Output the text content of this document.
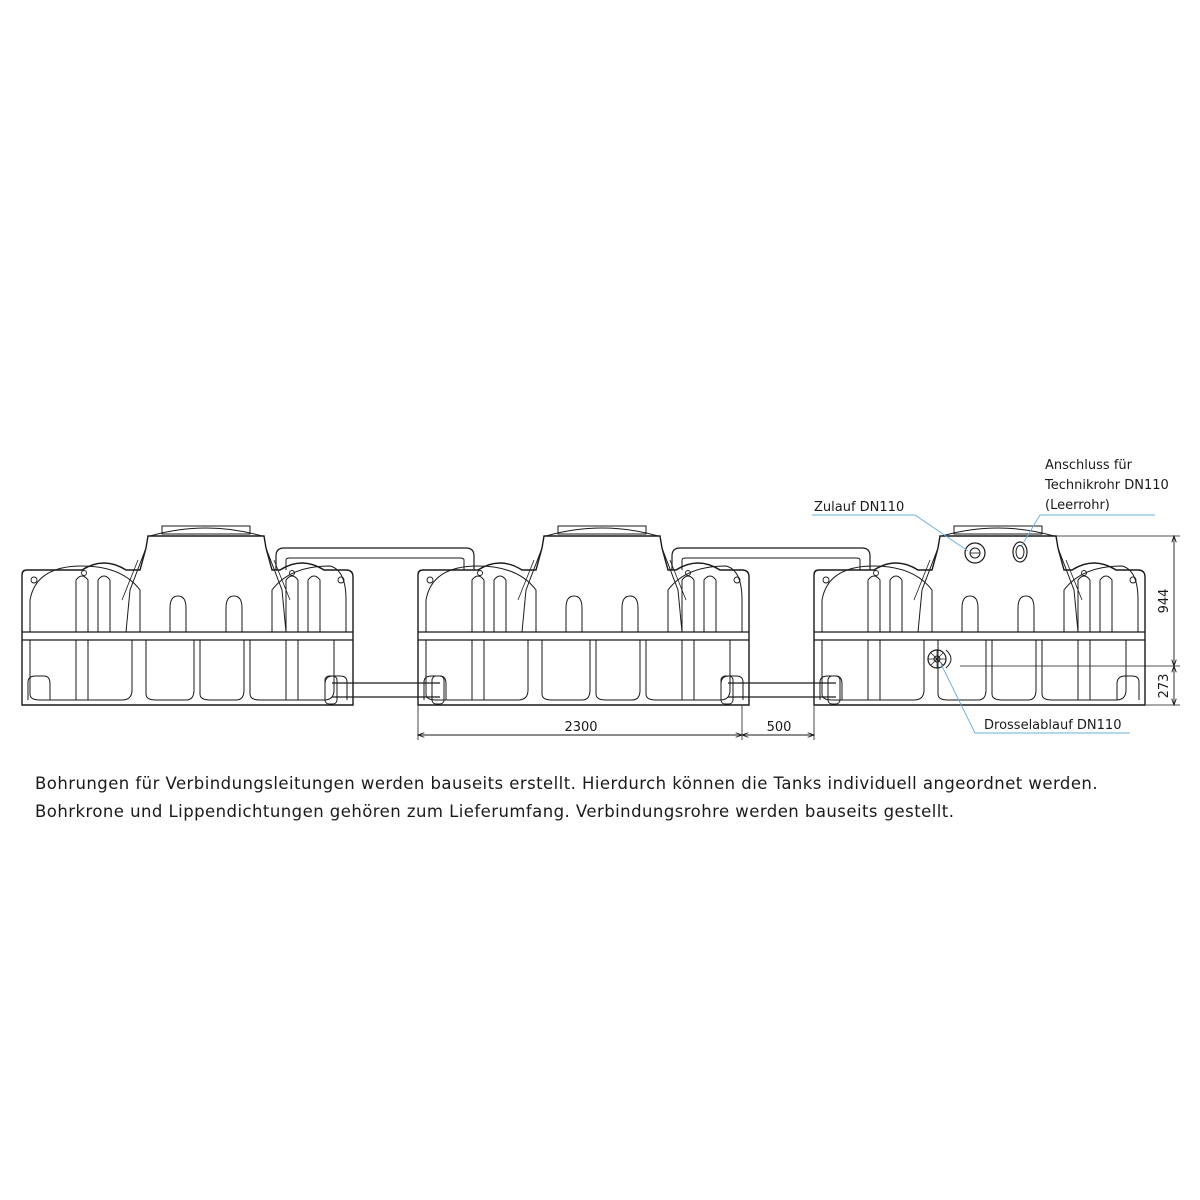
Zulauf DN110
Anschluss für
Technikrohr DN110
(Leerrohr)
Drosselablauf DN110
2300	500
944
273
Bohrungen für Verbindungsleitungen werden bauseits erstellt. Hierdurch können die Tanks individuell angeordnet werden.
Bohrkrone und Lippendichtungen gehören zum Lieferumfang. Verbindungsrohre werden bauseits gestellt.
